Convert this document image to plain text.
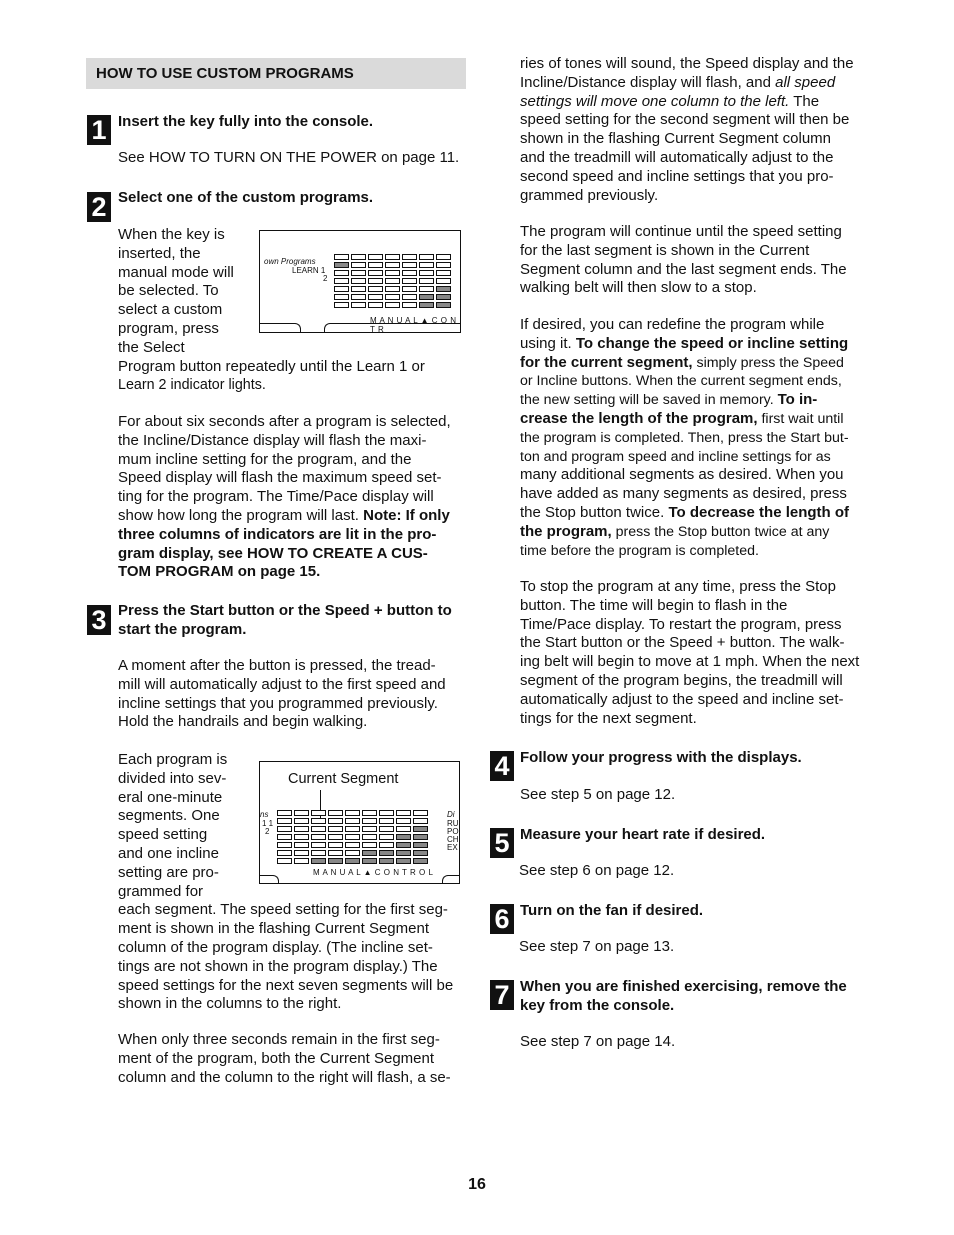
HOW TO USE CUSTOM PROGRAMS
1 Insert the key fully into the console.
See HOW TO TURN ON THE POWER on page 11.
2 Select one of the custom programs.

When the key is

inserted, the

manual mode will

be selected. To

select a custom

program, press

the Select

Program button repeatedly until the Learn 1 or

Learn 2 indicator lights.

own Programs
LEARN 1
2
M A N U A L ▲ C O N T R

For about six seconds after a program is selected,

the Incline/Distance display will flash the maxi-

mum incline setting for the program, and the

Speed display will flash the maximum speed set-

ting for the program. The Time/Pace display will

show how long the program will last. Note: If only

three columns of indicators are lit in the pro-

gram display, see HOW TO CREATE A CUS-

TOM PROGRAM on page 15.

3 Press the Start button or the Speed + button to start the program.

A moment after the button is pressed, the tread-

mill will automatically adjust to the first speed and

incline settings that you programmed previously.

Hold the handrails and begin walking.

Each program is

divided into sev-

eral one-minute

segments. One

speed setting

and one incline

setting are pro-

grammed for

each segment. The speed setting for the first seg-

ment is shown in the flashing Current Segment

column of the program display. (The incline set-

tings are not shown in the program display.) The

speed settings for the next seven segments will be

shown in the columns to the right.

Current Segment
ns
1 1
2
Di
RU
PO
CH
EX
M A N U A L ▲ C O N T R O L

When only three seconds remain in the first seg-

ment of the program, both the Current Segment

column and the column to the right will flash, a se-

ries of tones will sound, the Speed display and the

Incline/Distance display will flash, and all speed

settings will move one column to the left. The

speed setting for the second segment will then be

shown in the flashing Current Segment column

and the treadmill will automatically adjust to the

second speed and incline settings that you pro-

grammed previously.

The program will continue until the speed setting

for the last segment is shown in the Current

Segment column and the last segment ends. The

walking belt will then slow to a stop.

If desired, you can redefine the program while

using it. To change the speed or incline setting

for the current segment, simply press the Speed

or Incline buttons. When the current segment ends,

the new setting will be saved in memory. To in-

crease the length of the program, first wait until

the program is completed. Then, press the Start but-

ton and program speed and incline settings for as

many additional segments as desired. When you

have added as many segments as desired, press

the Stop button twice. To decrease the length of

the program, press the Stop button twice at any

time before the program is completed.

To stop the program at any time, press the Stop

button. The time will begin to flash in the

Time/Pace display. To restart the program, press

the Start button or the Speed + button. The walk-

ing belt will begin to move at 1 mph. When the next

segment of the program begins, the treadmill will

automatically adjust to the speed and incline set-

tings for the next segment.

4 Follow your progress with the displays.
See step 5 on page 12.
5 Measure your heart rate if desired.
See step 6 on page 12.
6 Turn on the fan if desired.
See step 7 on page 13.
7 When you are finished exercising, remove the key from the console.
See step 7 on page 14.
16
